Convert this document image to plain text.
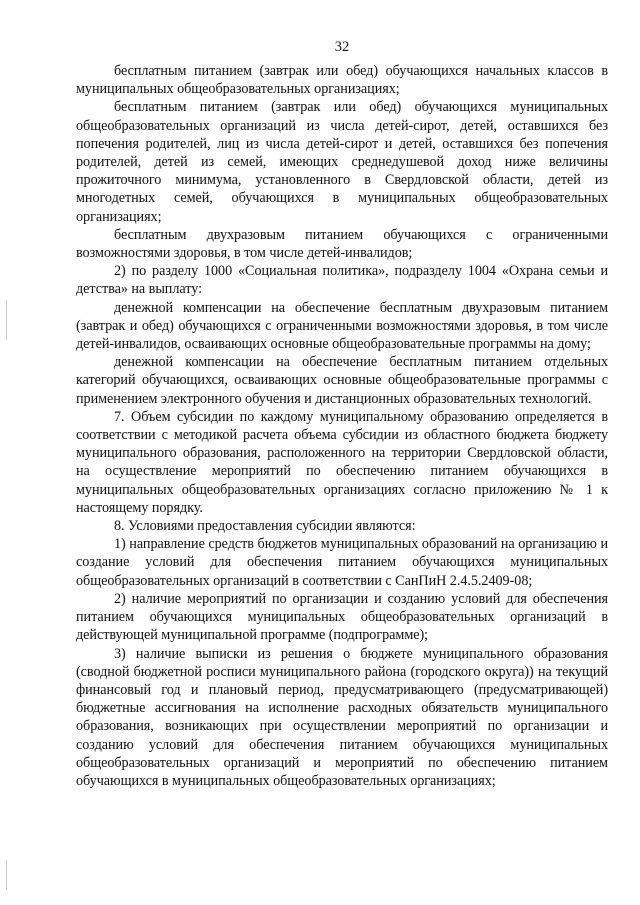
32

бесплатным питанием (завтрак или обед) обучающихся начальных классов в муниципальных общеобразовательных организациях;

бесплатным питанием (завтрак или обед) обучающихся муниципальных общеобразовательных организаций из числа детей-сирот, детей, оставшихся без попечения родителей, лиц из числа детей-сирот и детей, оставшихся без попечения родителей, детей из семей, имеющих среднедушевой доход ниже величины прожиточного минимума, установленного в Свердловской области, детей из многодетных семей, обучающихся в муниципальных общеобразовательных организациях;

бесплатным двухразовым питанием обучающихся с ограниченными возможностями здоровья, в том числе детей-инвалидов;

2) по разделу 1000 «Социальная политика», подразделу 1004 «Охрана семьи и детства» на выплату:

денежной компенсации на обеспечение бесплатным двухразовым питанием (завтрак и обед) обучающихся с ограниченными возможностями здоровья, в том числе детей-инвалидов, осваивающих основные общеобразовательные программы на дому;

денежной компенсации на обеспечение бесплатным питанием отдельных категорий обучающихся, осваивающих основные общеобразовательные программы с применением электронного обучения и дистанционных образовательных технологий.

7. Объем субсидии по каждому муниципальному образованию определяется в соответствии с методикой расчета объема субсидии из областного бюджета бюджету муниципального образования, расположенного на территории Свердловской области, на осуществление мероприятий по обеспечению питанием обучающихся в муниципальных общеобразовательных организациях согласно приложению № 1 к настоящему порядку.

8. Условиями предоставления субсидии являются:

1) направление средств бюджетов муниципальных образований на организацию и создание условий для обеспечения питанием обучающихся муниципальных общеобразовательных организаций в соответствии с СанПиН 2.4.5.2409-08;

2) наличие мероприятий по организации и созданию условий для обеспечения питанием обучающихся муниципальных общеобразовательных организаций в действующей муниципальной программе (подпрограмме);

3) наличие выписки из решения о бюджете муниципального образования (сводной бюджетной росписи муниципального района (городского округа)) на текущий финансовый год и плановый период, предусматривающего (предусматривающей) бюджетные ассигнования на исполнение расходных обязательств муниципального образования, возникающих при осуществлении мероприятий по организации и созданию условий для обеспечения питанием обучающихся муниципальных общеобразовательных организаций и мероприятий по обеспечению питанием обучающихся в муниципальных общеобразовательных организациях;
